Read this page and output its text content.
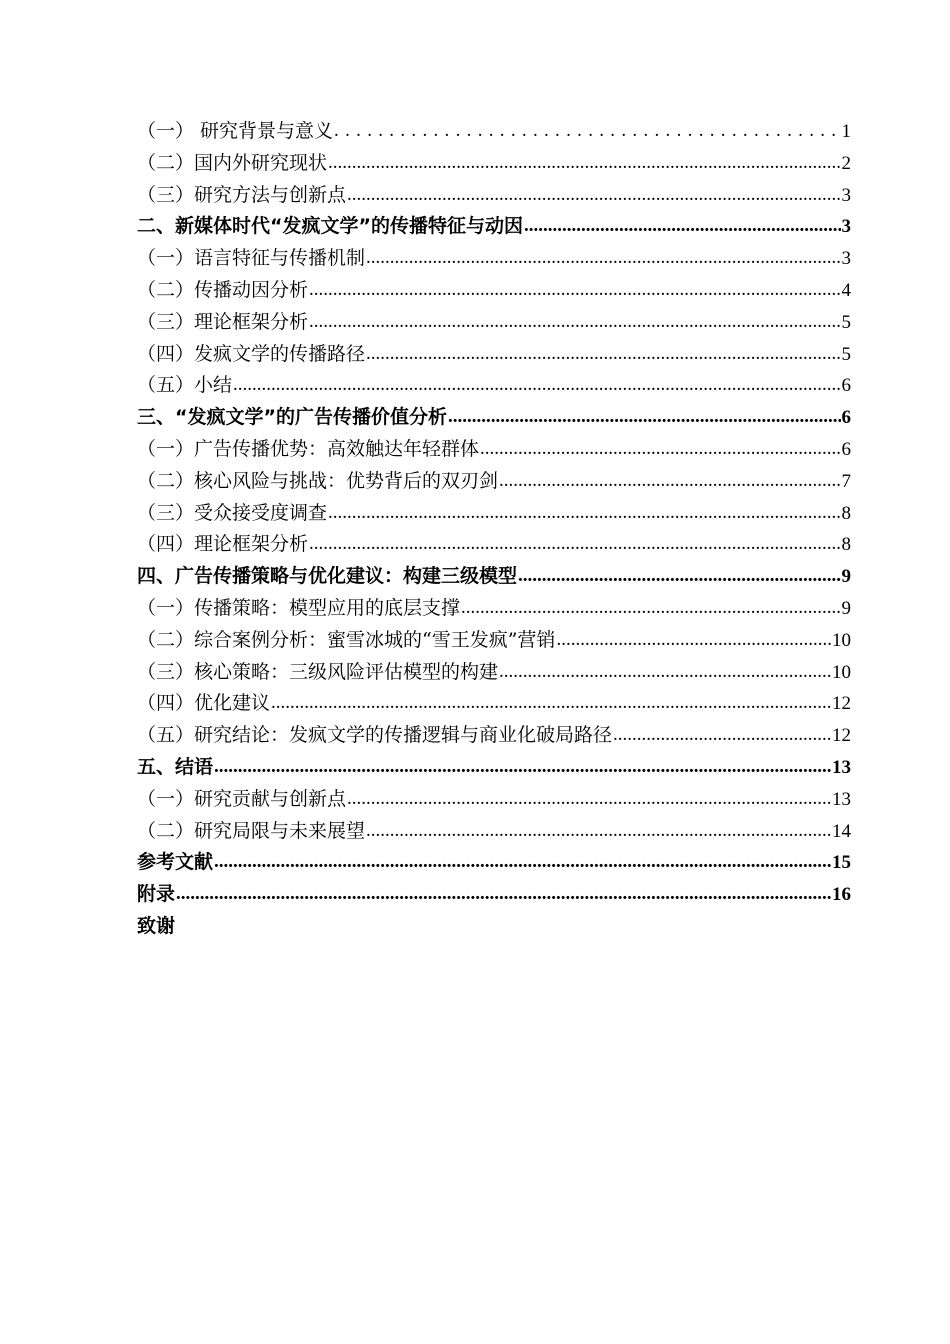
（一） 研究背景与意义 .....	1
（二）国内外研究现状 .....	2
（三）研究方法与创新点 .....	3
二、新媒体时代“发疯文学”的传播特征与动因 .....	3
（一）语言特征与传播机制 .....	3
（二）传播动因分析 .....	4
（三）理论框架分析 .....	5
（四）发疯文学的传播路径 .....	5
（五）小结 .....	6
三、“发疯文学”的广告传播价值分析 .....	6
（一）广告传播优势：高效触达年轻群体 .....	6
（二）核心风险与挑战：优势背后的双刃剑 .....	7
（三）受众接受度调查 .....	8
（四）理论框架分析 .....	8
四、广告传播策略与优化建议：构建三级模型 .....	9
（一）传播策略：模型应用的底层支撑 .....	9
（二）综合案例分析：蜜雪冰城的“雪王发疯”营销 .....	10
（三）核心策略：三级风险评估模型的构建 .....	10
（四）优化建议 .....	12
（五）研究结论：发疯文学的传播逻辑与商业化破局路径 .....	12
五、结语 .....	13
（一）研究贡献与创新点 .....	13
（二）研究局限与未来展望 .....	14
参考文献 .....	15
附录 .....	16
致谢
